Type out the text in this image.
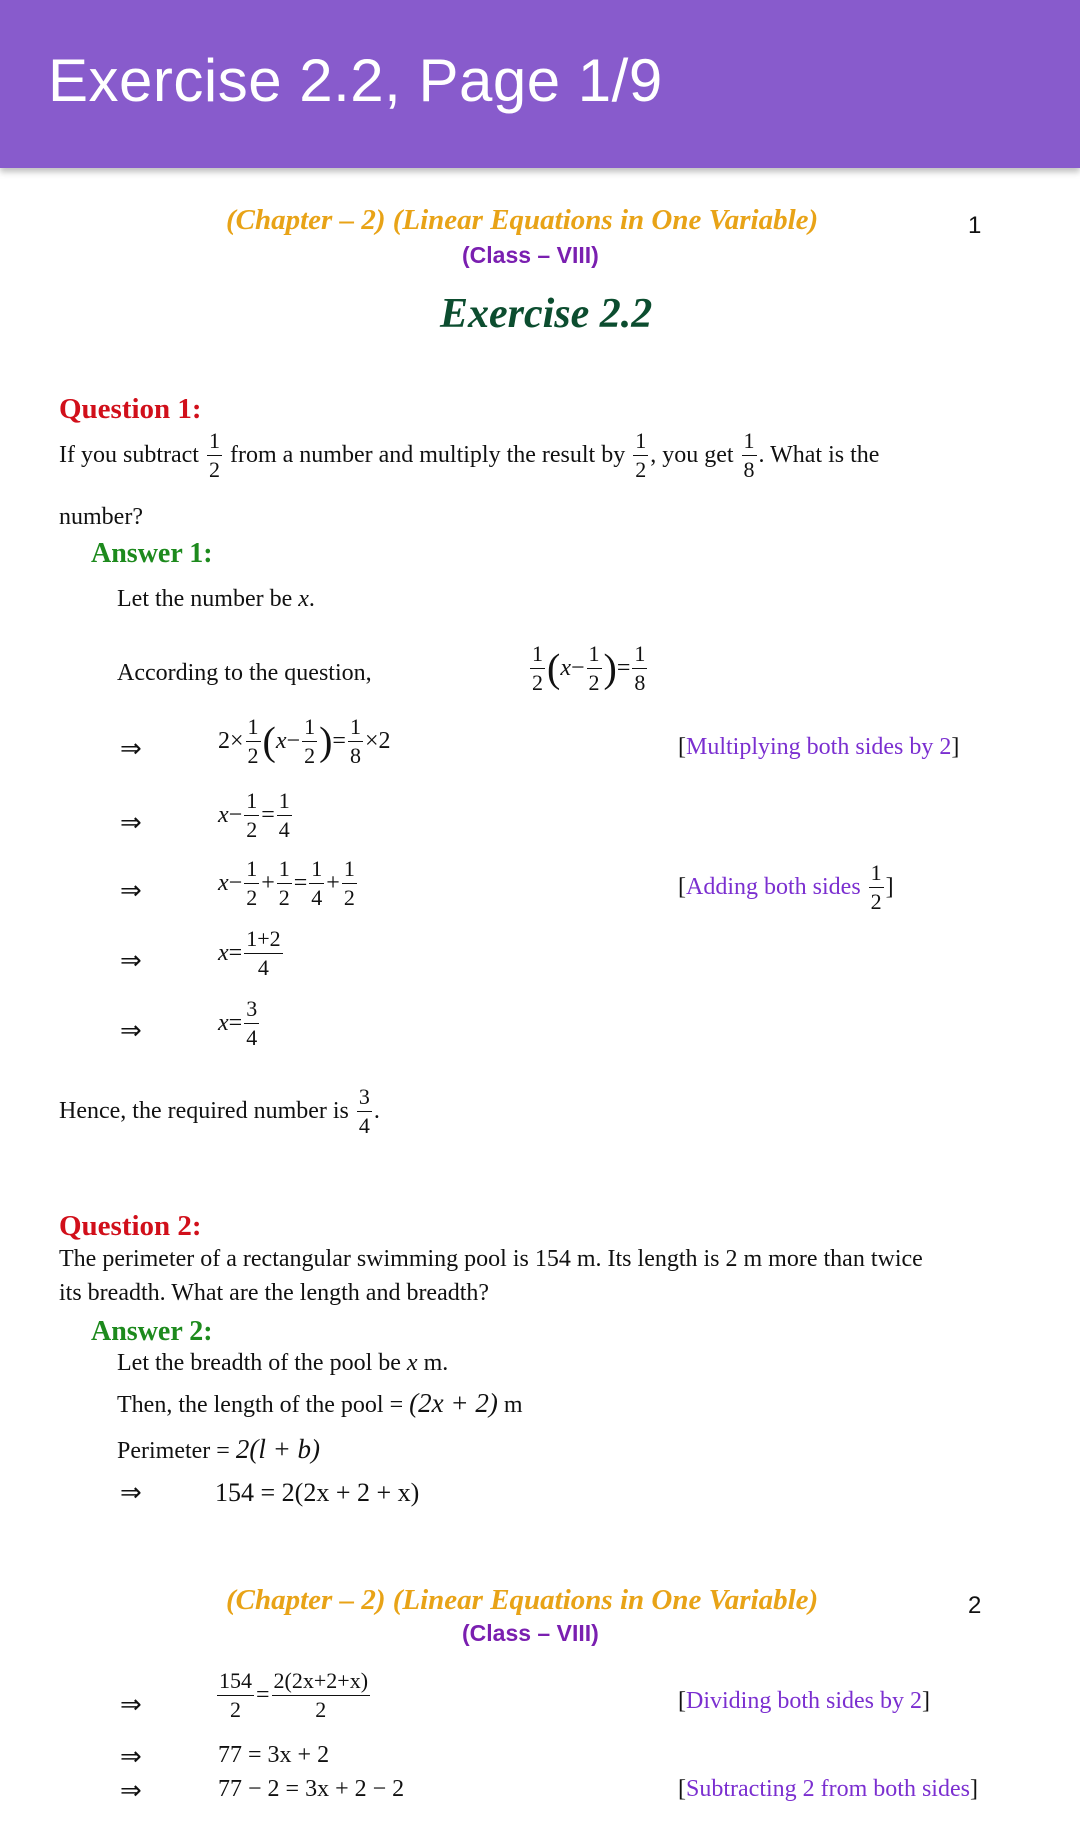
Exercise 2.2, Page 1/9
(Chapter – 2) (Linear Equations in One Variable)	1
(Class – VIII)
Exercise 2.2
Question 1:
If you subtract $\frac{1}{2}$ from a number and multiply the result by $\frac{1}{2}$ , you get $\frac{1}{8}$ . What is the
number?
Answer 1:
Let the number be x.
According to the question,	$\frac{1}{2} (x- \frac{1}{2}$ )= $\frac{1}{8}$
⇒	$2\times \frac{1}{2} (x- \frac{1}{2}$ )= $\frac{1}{8} \times 2$	[Multiplying both sides by 2]
⇒	$x- \frac{1}{2} = \frac{1}{4}$
⇒	$x- \frac{1}{2} + \frac{1}{2} = \frac{1}{4} + \frac{1}{2}$	[Adding both sides $\frac{1}{2}$ ]
⇒	$x= \frac{1+2}{4}$
⇒	$x= \frac{3}{4}$
Hence, the required number is $\frac{3}{4}$ .
Question 2:
The perimeter of a rectangular swimming pool is 154 m. Its length is 2 m more than twice
its breadth. What are the length and breadth?
Answer 2:
Let the breadth of the pool be x m.
Then, the length of the pool = (2x + 2) m
Perimeter = 2(l + b)
⇒	154 = 2(2x + 2 + x)
(Chapter – 2) (Linear Equations in One Variable)	2
(Class – VIII)
⇒	$\frac{154}{2} = \frac{2(2x+2+x)}{2}$	[Dividing both sides by 2]
⇒	77 = 3x + 2
⇒	77 − 2 = 3x + 2 − 2	[Subtracting 2 from both sides]
